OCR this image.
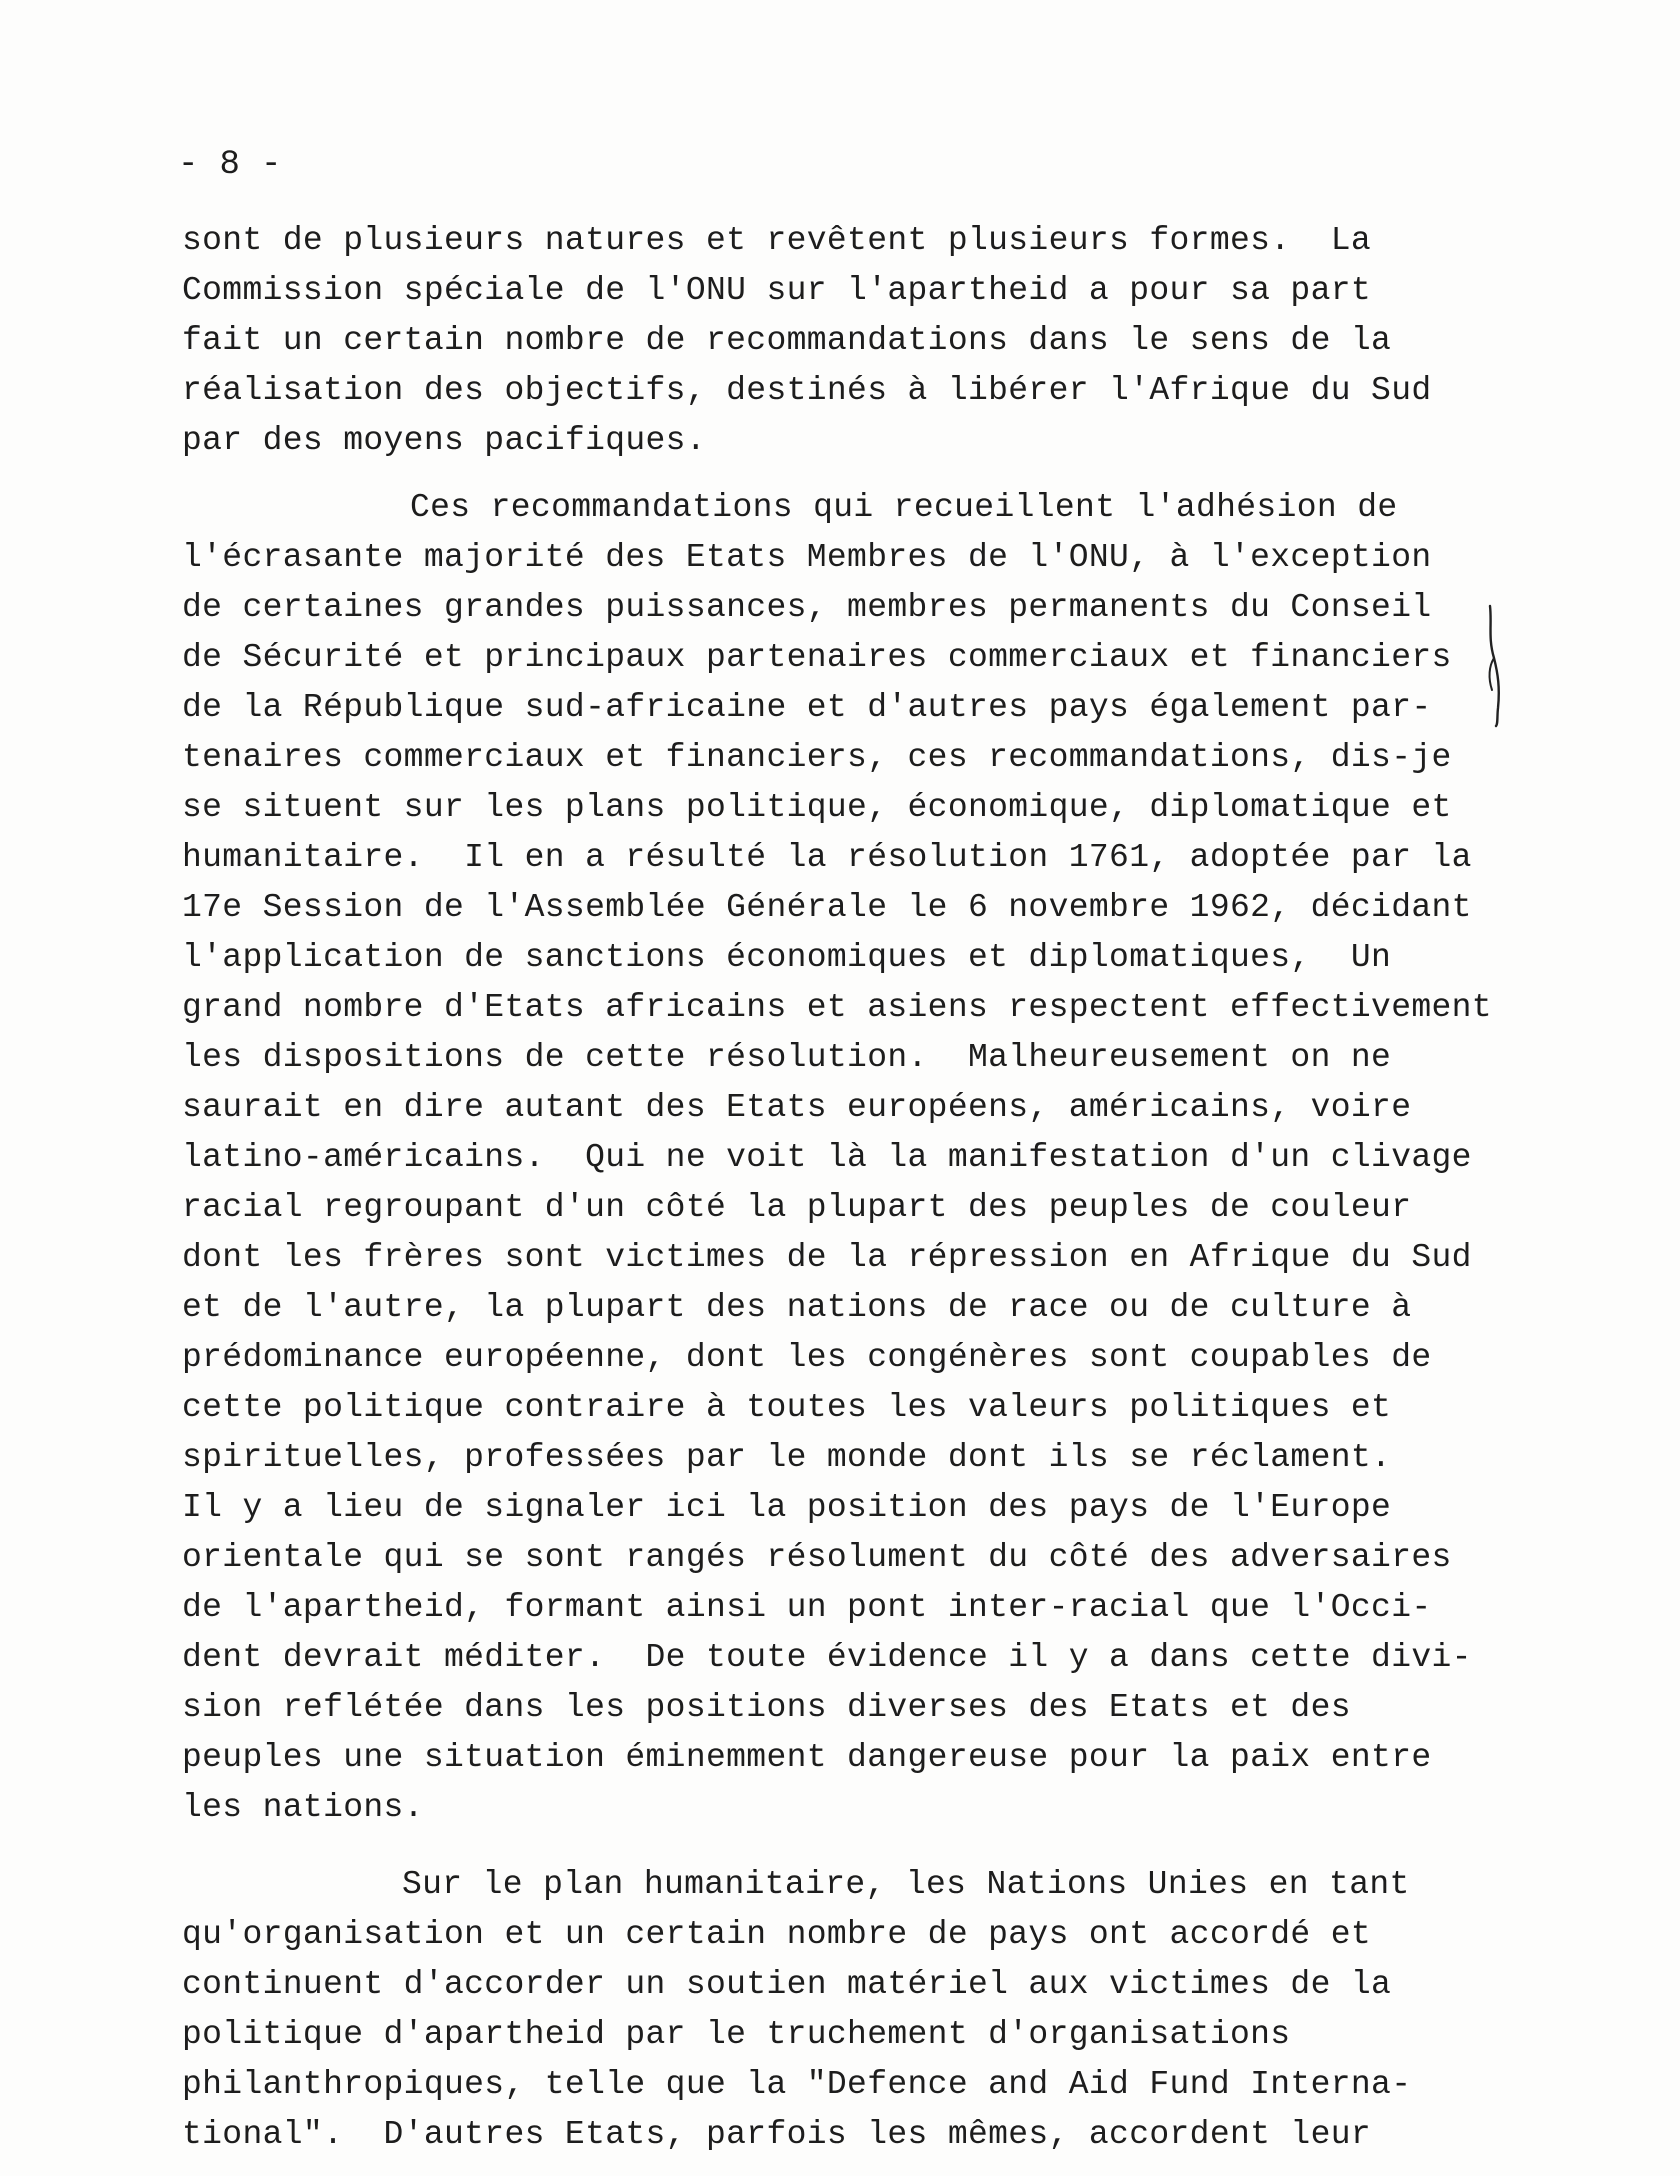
- 8 -
sont de plusieurs natures et revêtent plusieurs formes.  La
Commission spéciale de l'ONU sur l'apartheid a pour sa part
fait un certain nombre de recommandations dans le sens de la
réalisation des objectifs, destinés à libérer l'Afrique du Sud
par des moyens pacifiques.
Ces recommandations qui recueillent l'adhésion de
l'écrasante majorité des Etats Membres de l'ONU, à l'exception
de certaines grandes puissances, membres permanents du Conseil
de Sécurité et principaux partenaires commerciaux et financiers
de la République sud-africaine et d'autres pays également par-
tenaires commerciaux et financiers, ces recommandations, dis-je
se situent sur les plans politique, économique, diplomatique et
humanitaire.  Il en a résulté la résolution 1761, adoptée par la
17e Session de l'Assemblée Générale le 6 novembre 1962, décidant
l'application de sanctions économiques et diplomatiques,  Un
grand nombre d'Etats africains et asiens respectent effectivement
les dispositions de cette résolution.  Malheureusement on ne
saurait en dire autant des Etats européens, américains, voire
latino-américains.  Qui ne voit là la manifestation d'un clivage
racial regroupant d'un côté la plupart des peuples de couleur
dont les frères sont victimes de la répression en Afrique du Sud
et de l'autre, la plupart des nations de race ou de culture à
prédominance européenne, dont les congénères sont coupables de
cette politique contraire à toutes les valeurs politiques et
spirituelles, professées par le monde dont ils se réclament.
Il y a lieu de signaler ici la position des pays de l'Europe
orientale qui se sont rangés résolument du côté des adversaires
de l'apartheid, formant ainsi un pont inter-racial que l'Occi-
dent devrait méditer.  De toute évidence il y a dans cette divi-
sion reflétée dans les positions diverses des Etats et des
peuples une situation éminemment dangereuse pour la paix entre
les nations.
Sur le plan humanitaire, les Nations Unies en tant
qu'organisation et un certain nombre de pays ont accordé et
continuent d'accorder un soutien matériel aux victimes de la
politique d'apartheid par le truchement d'organisations
philanthropiques, telle que la "Defence and Aid Fund Interna-
tional".  D'autres Etats, parfois les mêmes, accordent leur
